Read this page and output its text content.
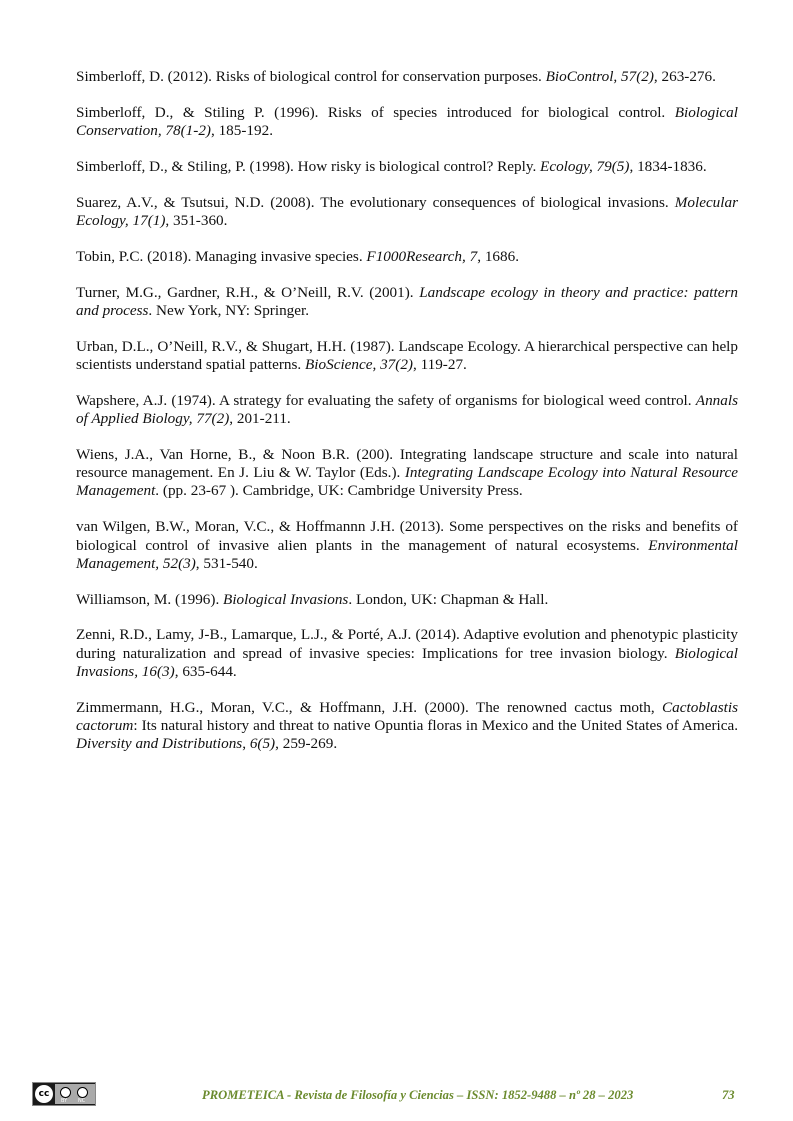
Simberloff, D. (2012). Risks of biological control for conservation purposes. BioControl, 57(2), 263-276.

Simberloff, D., & Stiling P. (1996). Risks of species introduced for biological control. Biological Conservation, 78(1-2), 185-192.

Simberloff, D., & Stiling, P. (1998). How risky is biological control? Reply. Ecology, 79(5), 1834-1836.

Suarez, A.V., & Tsutsui, N.D. (2008). The evolutionary consequences of biological invasions. Molecular Ecology, 17(1), 351-360.

Tobin, P.C. (2018). Managing invasive species. F1000Research, 7, 1686.

Turner, M.G., Gardner, R.H., & O’Neill, R.V. (2001). Landscape ecology in theory and practice: pattern and process. New York, NY: Springer.

Urban, D.L., O’Neill, R.V., & Shugart, H.H. (1987). Landscape Ecology. A hierarchical perspective can help scientists understand spatial patterns. BioScience, 37(2), 119-27.

Wapshere, A.J. (1974). A strategy for evaluating the safety of organisms for biological weed control. Annals of Applied Biology, 77(2), 201-211.

Wiens, J.A., Van Horne, B., & Noon B.R. (200). Integrating landscape structure and scale into natural resource management. En J. Liu & W. Taylor (Eds.). Integrating Landscape Ecology into Natural Resource Management. (pp. 23-67 ). Cambridge, UK: Cambridge University Press.

van Wilgen, B.W., Moran, V.C., & Hoffmannn J.H. (2013). Some perspectives on the risks and benefits of biological control of invasive alien plants in the management of natural ecosystems. Environmental Management, 52(3), 531-540.

Williamson, M. (1996). Biological Invasions. London, UK: Chapman & Hall.

Zenni, R.D., Lamy, J-B., Lamarque, L.J., & Porté, A.J. (2014). Adaptive evolution and phenotypic plasticity during naturalization and spread of invasive species: Implications for tree invasion biology. Biological Invasions, 16(3), 635-644.

Zimmermann, H.G., Moran, V.C., & Hoffmann, J.H. (2000). The renowned cactus moth, Cactoblastis cactorum: Its natural history and threat to native Opuntia floras in Mexico and the United States of America. Diversity and Distributions, 6(5), 259-269.

cc
BY NC	PROMETEICA - Revista de Filosofía y Ciencias – ISSN: 1852-9488 – nº 28 – 2023	73
